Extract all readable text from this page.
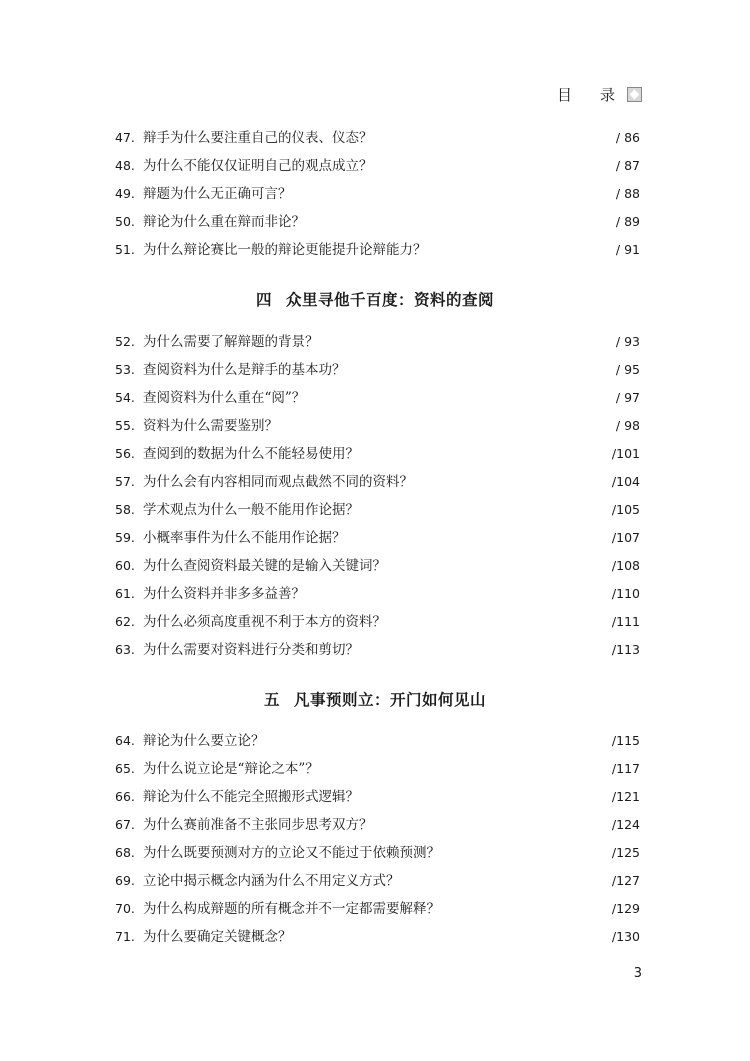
目 录
47. 辩手为什么要注重自己的仪表、仪态？	/ 86
48. 为什么不能仅仅证明自己的观点成立？	/ 87
49. 辩题为什么无正确可言？	/ 88
50. 辩论为什么重在辩而非论？	/ 89
51. 为什么辩论赛比一般的辩论更能提升论辩能力？	/ 91
四 众里寻他千百度：资料的查阅
52. 为什么需要了解辩题的背景？	/ 93
53. 查阅资料为什么是辩手的基本功？	/ 95
54. 查阅资料为什么重在“阅”？	/ 97
55. 资料为什么需要鉴别？	/ 98
56. 查阅到的数据为什么不能轻易使用？	/101
57. 为什么会有内容相同而观点截然不同的资料？	/104
58. 学术观点为什么一般不能用作论据？	/105
59. 小概率事件为什么不能用作论据？	/107
60. 为什么查阅资料最关键的是输入关键词？	/108
61. 为什么资料并非多多益善？	/110
62. 为什么必须高度重视不利于本方的资料？	/111
63. 为什么需要对资料进行分类和剪切？	/113
五 凡事预则立：开门如何见山
64. 辩论为什么要立论？	/115
65. 为什么说立论是“辩论之本”？	/117
66. 辩论为什么不能完全照搬形式逻辑？	/121
67. 为什么赛前准备不主张同步思考双方？	/124
68. 为什么既要预测对方的立论又不能过于依赖预测？	/125
69. 立论中揭示概念内涵为什么不用定义方式？	/127
70. 为什么构成辩题的所有概念并不一定都需要解释？	/129
71. 为什么要确定关键概念？	/130
3
